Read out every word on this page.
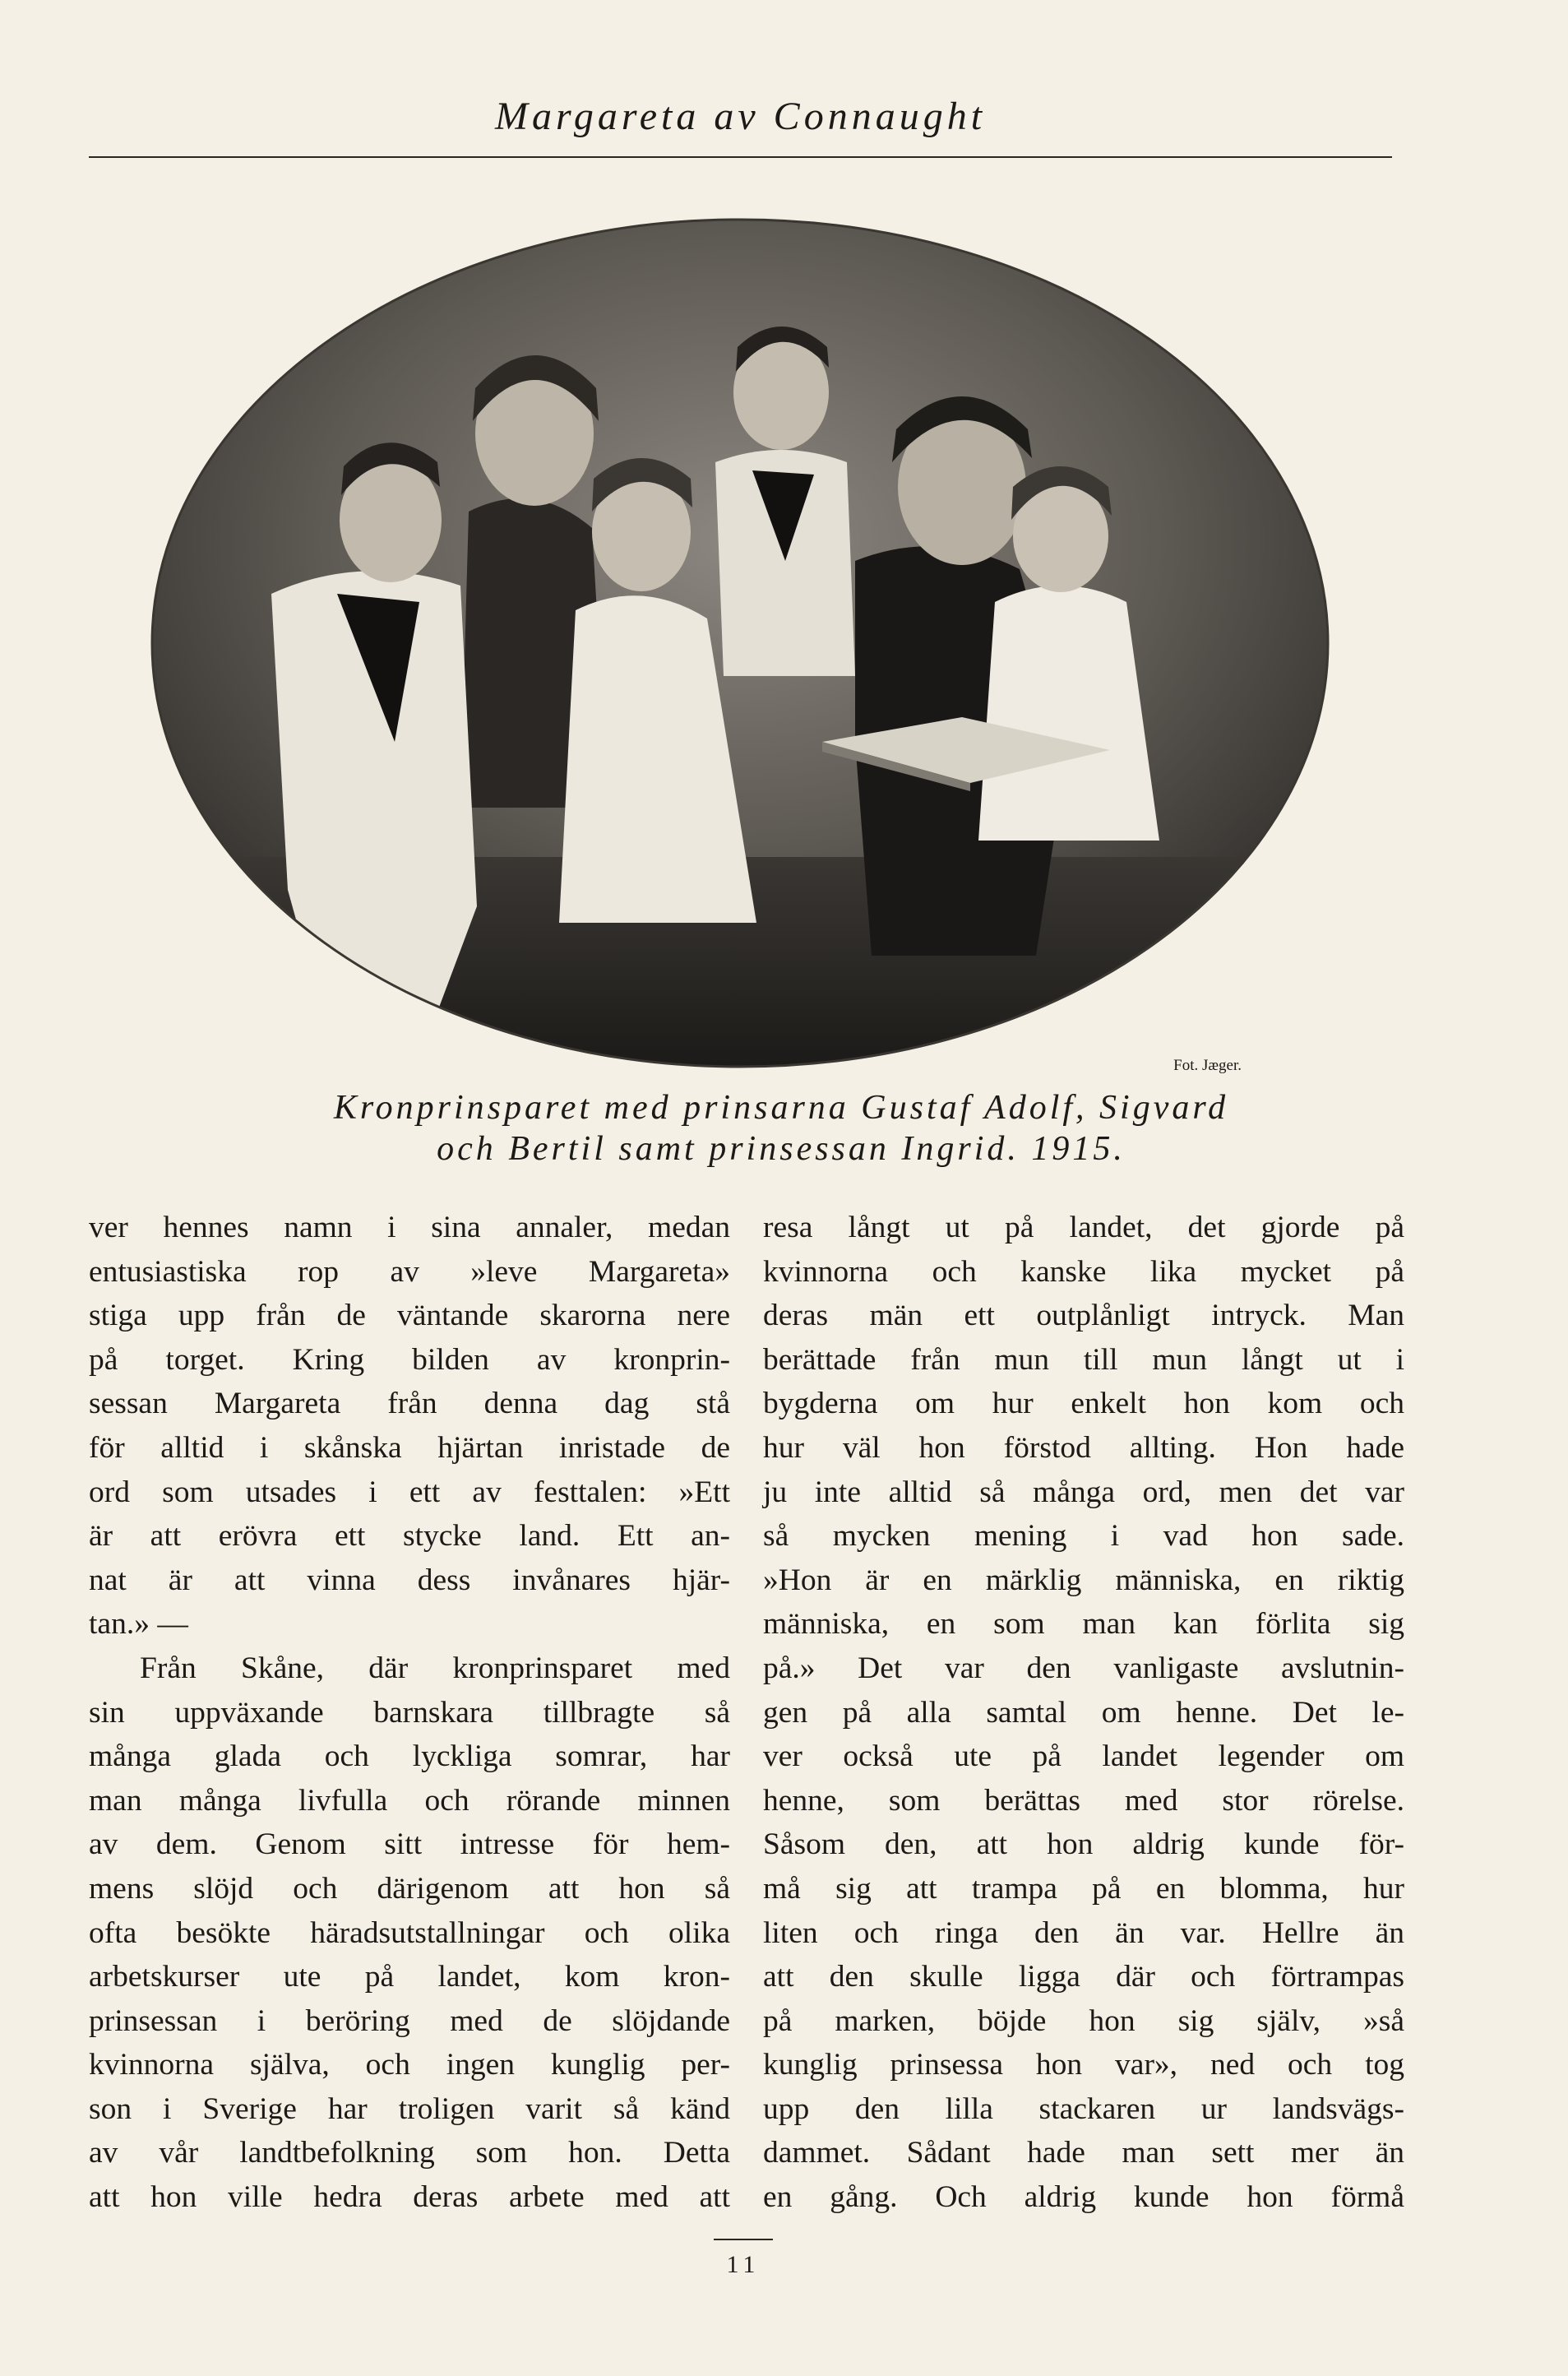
Margareta av Connaught
Fot. Jæger.
Kronprinsparet med prinsarna Gustaf Adolf, Sigvard
och Bertil samt prinsessan Ingrid. 1915.
ver hennes namn i sina annaler, medan
entusiastiska rop av »leve Margareta»
stiga upp från de väntande skarorna nere
på torget. Kring bilden av kronprin-
sessan Margareta från denna dag stå
för alltid i skånska hjärtan inristade de
ord som utsades i ett av festtalen: »Ett
är att erövra ett stycke land. Ett an-
nat är att vinna dess invånares hjär-
tan.» —
Från Skåne, där kronprinsparet med
sin uppväxande barnskara tillbragte så
många glada och lyckliga somrar, har
man många livfulla och rörande minnen
av dem. Genom sitt intresse för hem-
mens slöjd och därigenom att hon så
ofta besökte häradsutstallningar och olika
arbetskurser ute på landet, kom kron-
prinsessan i beröring med de slöjdande
kvinnorna själva, och ingen kunglig per-
son i Sverige har troligen varit så känd
av vår landtbefolkning som hon. Detta
att hon ville hedra deras arbete med att
resa långt ut på landet, det gjorde på
kvinnorna och kanske lika mycket på
deras män ett outplånligt intryck. Man
berättade från mun till mun långt ut i
bygderna om hur enkelt hon kom och
hur väl hon förstod allting. Hon hade
ju inte alltid så många ord, men det var
så mycken mening i vad hon sade.
»Hon är en märklig människa, en riktig
människa, en som man kan förlita sig
på.» Det var den vanligaste avslutnin-
gen på alla samtal om henne. Det le-
ver också ute på landet legender om
henne, som berättas med stor rörelse.
Såsom den, att hon aldrig kunde för-
må sig att trampa på en blomma, hur
liten och ringa den än var. Hellre än
att den skulle ligga där och förtrampas
på marken, böjde hon sig själv, »så
kunglig prinsessa hon var», ned och tog
upp den lilla stackaren ur landsvägs-
dammet. Sådant hade man sett mer än
en gång. Och aldrig kunde hon förmå
11
